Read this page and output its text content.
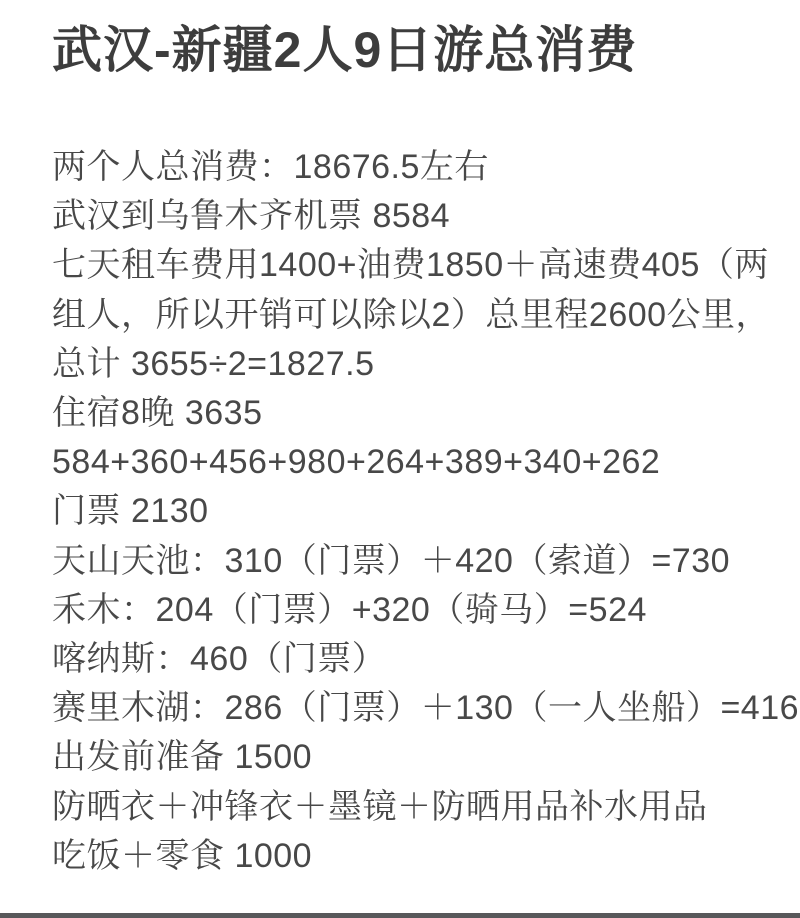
武汉-新疆2人9日游总消费
两个人总消费：18676.5左右
武汉到乌鲁木齐机票 8584
七天租车费用1400+油费1850＋高速费405（两
组人，所以开销可以除以2）总里程2600公里，
总计 3655÷2=1827.5
住宿8晚 3635
584+360+456+980+264+389+340+262
门票 2130
天山天池：310（门票）＋420（索道）=730
禾木：204（门票）+320（骑马）=524
喀纳斯：460（门票）
赛里木湖：286（门票）＋130（一人坐船）=416
出发前准备 1500
防晒衣＋冲锋衣＋墨镜＋防晒用品补水用品
吃饭＋零食 1000
